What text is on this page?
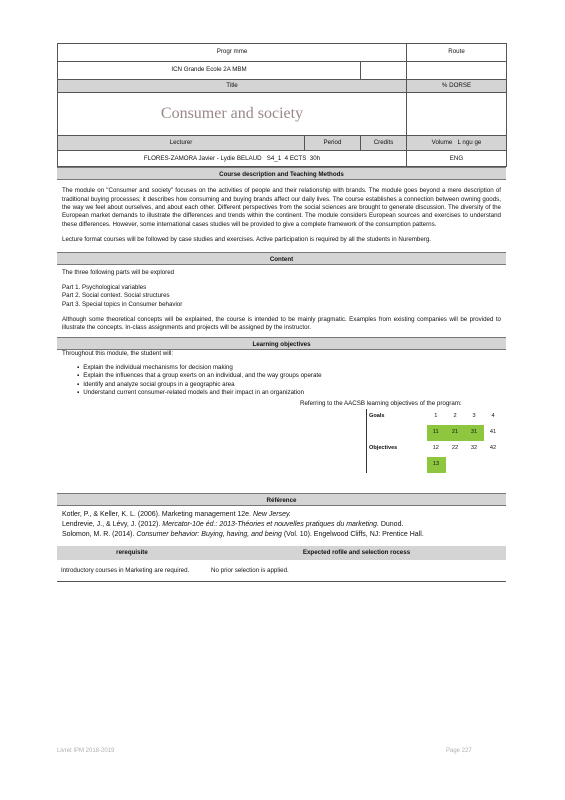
Progr mme		Route
ICN Grande Ecole 2A MBM		
Title		% DORSE
Consumer and society		
Lecturer	Period	Credits	Volume L ngu ge
FLORES-ZAMORA Javier - Lydie BELAUD S4_1 4 ECTS 30h			ENG
Course description and Teaching Methods

The module on "Consumer and society" focuses on the activities of people and their relationship with brands. The module goes beyond a mere description of traditional buying processes; it describes how consuming and buying brands affect our daily lives. The course establishes a connection between owning goods, the way we feel about ourselves, and about each other. Different perspectives from the social sciences are brought to generate discussion. The diversity of the European market demands to illustrate the differences and trends within the continent. The module considers European sources and exercises to understand these differences. However, some international cases studies will be provided to give a complete framework of the consumption patterns.

Lecture format courses will be followed by case studies and exercises. Active participation is required by all the students in Nuremberg.

Content

The three following parts will be explored

Part 1. Psychological variables

Part 2. Social context. Social structures

Part 3. Special topics in Consumer behavior

Although some theoretical concepts will be explained, the course is intended to be mainly pragmatic. Examples from existing companies will be provided to illustrate the concepts. In-class assignments and projects will be assigned by the instructor.

Learning objectives

Throughout this module, the student will:

▪ Explain the individual mechanisms for decision making
▪ Explain the influences that a group exerts on an individual, and the way groups operate
▪ Identify and analyze social groups in a geographic area
▪ Understand current consumer-related models and their impact in an organization
Referring to the AACSB learning objectives of the program:
Goals	1	2	3	4
	11	21	31	41
Objectives	12	22	32	42
	13			
Référence

Kotler, P., & Keller, K. L. (2006). Marketing management 12e. New Jersey.

Lendrevie, J., & Lévy, J. (2012). Mercator-10e éd.: 2013-Théories et nouvelles pratiques du marketing. Dunod.

Solomon, M. R. (2014). Consumer behavior: Buying, having, and being (Vol. 10). Engelwood Cliffs, NJ: Prentice Hall.

rerequisite	Expected rofile and selection rocess
Introductory courses in Marketing are required.	No prior selection is applied.
Livret IPM 2018-2019	Page 227
